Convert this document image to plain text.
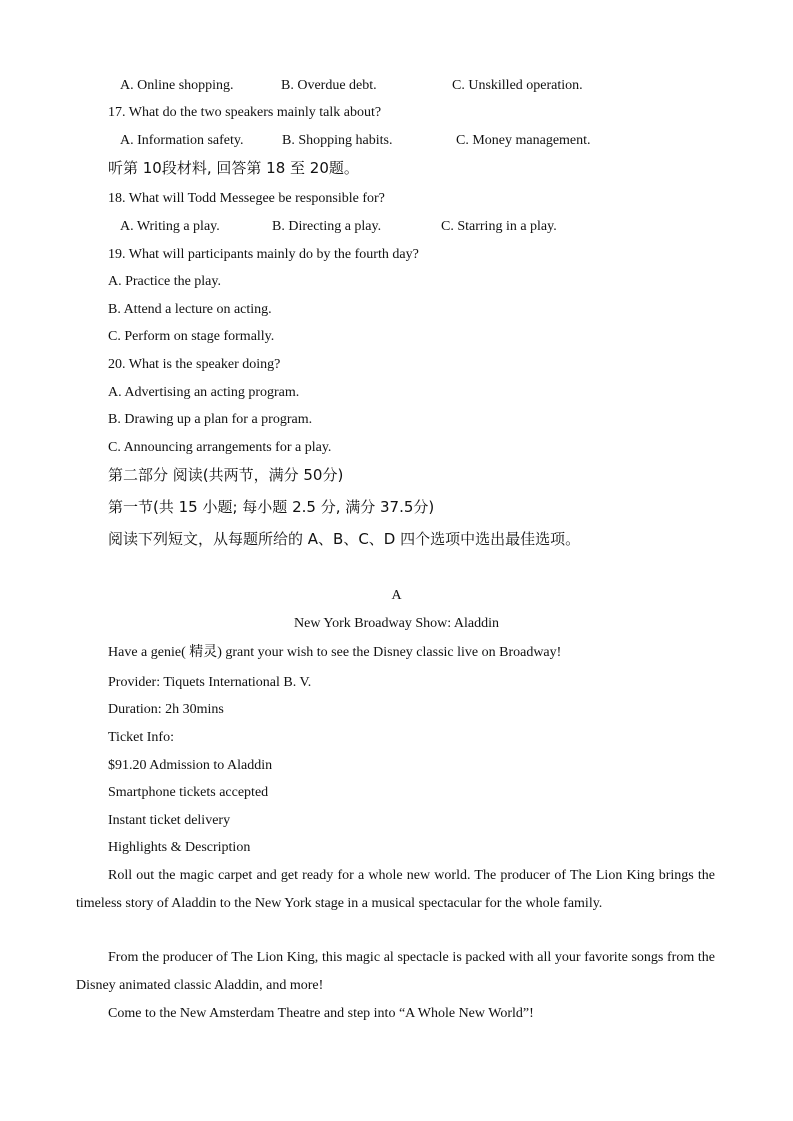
A. Online shopping.	B. Overdue debt.	C. Unskilled operation.
17. What do the two speakers mainly talk about?
A. Information safety.	B. Shopping habits.	C. Money management.
听第 10段材料, 回答第 18 至 20题。
18. What will Todd Messegee be responsible for?
A. Writing a play.	B. Directing a play.	C. Starring in a play.
19. What will participants mainly do by the fourth day?
A. Practice the play.
B. Attend a lecture on acting.
C. Perform on stage formally.
20. What is the speaker doing?
A. Advertising an acting program.
B. Drawing up a plan for a program.
C. Announcing arrangements for a play.
第二部分 阅读(共两节，满分 50分)
第一节(共 15 小题; 每小题 2.5 分, 满分 37.5分)
阅读下列短文，从每题所给的 A、B、C、D 四个选项中选出最佳选项。
A
New York Broadway Show: Aladdin
Have a genie( 精灵) grant your wish to see the Disney classic live on Broadway!
Provider: Tiquets International B. V.
Duration: 2h 30mins
Ticket Info:
$91.20 Admission to Aladdin
Smartphone tickets accepted
Instant ticket delivery
Highlights & Description
Roll out the magic carpet and get ready for a whole new world. The producer of The Lion King brings the timeless story of Aladdin to the New York stage in a musical spectacular for the whole family.
From the producer of The Lion King, this magic al spectacle is packed with all your favorite songs from the Disney animated classic Aladdin, and more!
Come to the New Amsterdam Theatre and step into “A Whole New World”!
